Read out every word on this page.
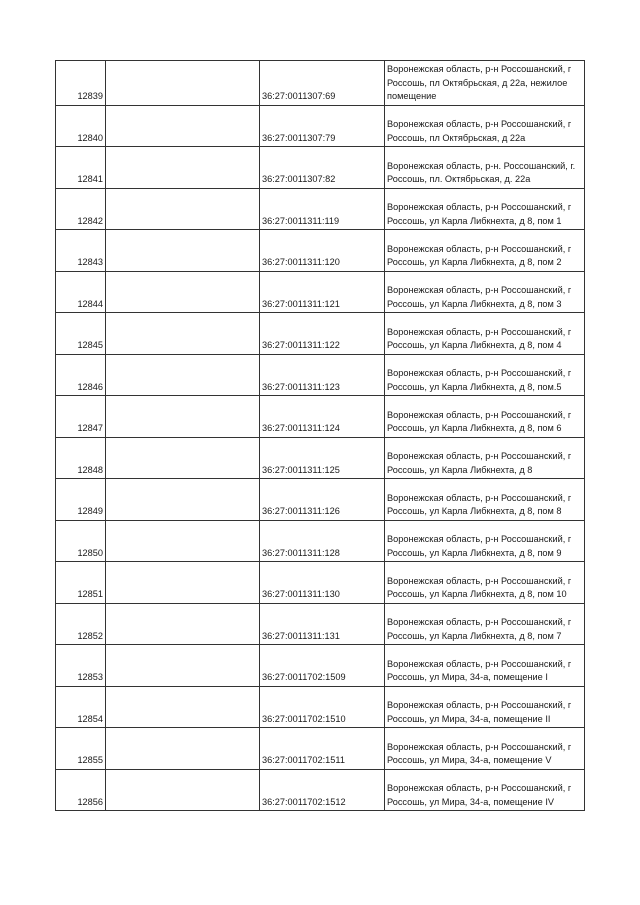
12839		36:27:0011307:69	Воронежская область, р-н Россошанский, г Россошь, пл Октябрьская, д 22а, нежилое помещение
12840		36:27:0011307:79	Воронежская область, р-н Россошанский, г Россошь, пл Октябрьская, д 22а
12841		36:27:0011307:82	Воронежская область, р-н. Россошанский, г. Россошь, пл. Октябрьская, д. 22а
12842		36:27:0011311:119	Воронежская область, р-н Россошанский, г Россошь, ул Карла Либкнехта, д 8, пом 1
12843		36:27:0011311:120	Воронежская область, р-н Россошанский, г Россошь, ул Карла Либкнехта, д 8, пом 2
12844		36:27:0011311:121	Воронежская область, р-н Россошанский, г Россошь, ул Карла Либкнехта, д 8, пом 3
12845		36:27:0011311:122	Воронежская область, р-н Россошанский, г Россошь, ул Карла Либкнехта, д 8, пом 4
12846		36:27:0011311:123	Воронежская область, р-н Россошанский, г Россошь, ул Карла Либкнехта, д 8, пом.5
12847		36:27:0011311:124	Воронежская область, р-н Россошанский, г Россошь, ул Карла Либкнехта, д 8, пом 6
12848		36:27:0011311:125	Воронежская область, р-н Россошанский, г Россошь, ул Карла Либкнехта, д 8
12849		36:27:0011311:126	Воронежская область, р-н Россошанский, г Россошь, ул Карла Либкнехта, д 8, пом 8
12850		36:27:0011311:128	Воронежская область, р-н Россошанский, г Россошь, ул Карла Либкнехта, д 8, пом 9
12851		36:27:0011311:130	Воронежская область, р-н Россошанский, г Россошь, ул Карла Либкнехта, д 8, пом 10
12852		36:27:0011311:131	Воронежская область, р-н Россошанский, г Россошь, ул Карла Либкнехта, д 8, пом 7
12853		36:27:0011702:1509	Воронежская область, р-н Россошанский, г Россошь, ул Мира, 34-а, помещение I
12854		36:27:0011702:1510	Воронежская область, р-н Россошанский, г Россошь, ул Мира, 34-а, помещение II
12855		36:27:0011702:1511	Воронежская область, р-н Россошанский, г Россошь, ул Мира, 34-а, помещение V
12856		36:27:0011702:1512	Воронежская область, р-н Россошанский, г Россошь, ул Мира, 34-а, помещение IV
